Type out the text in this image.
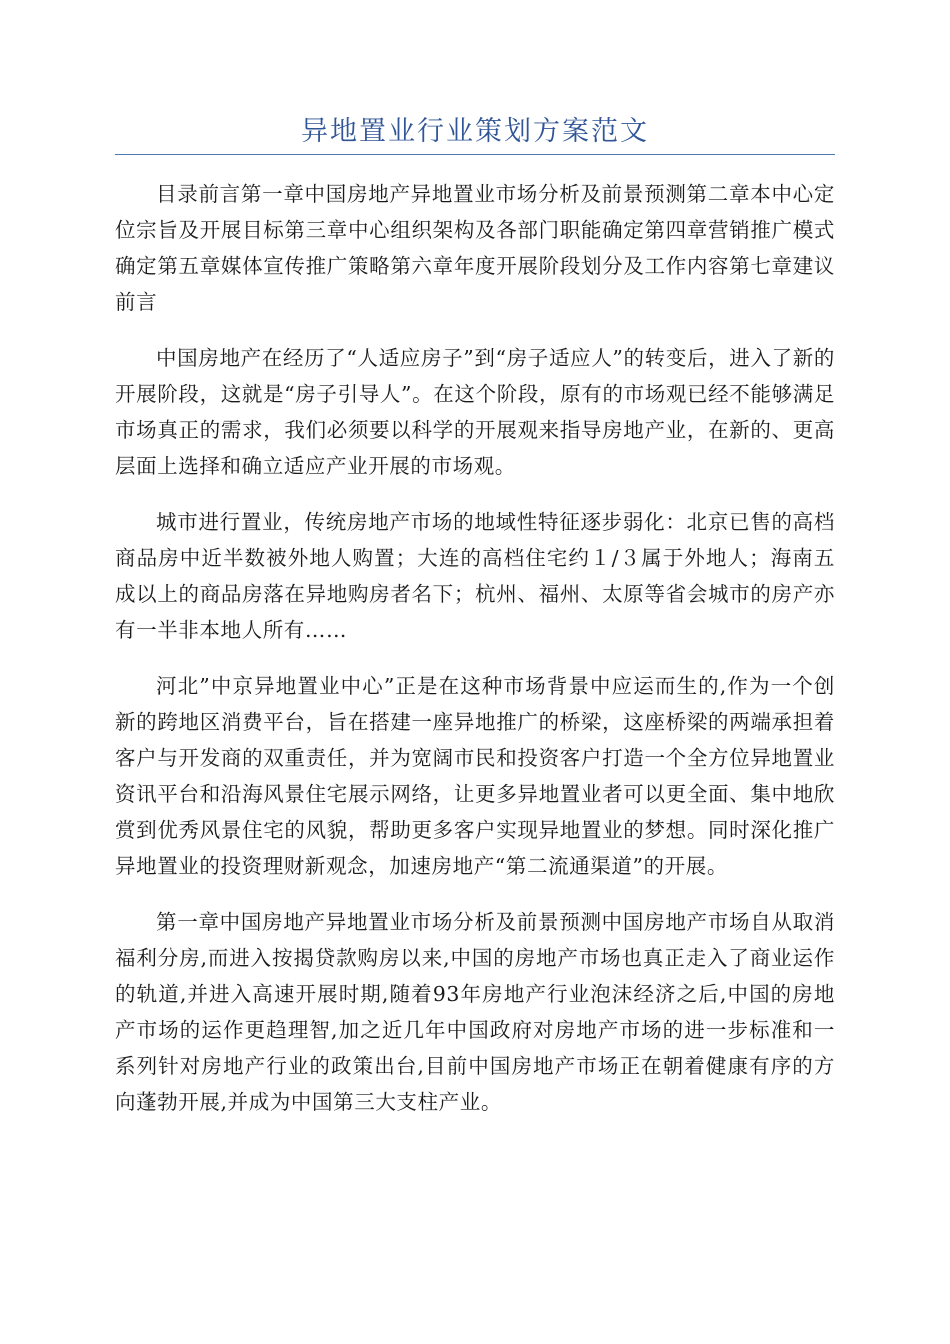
异地置业行业策划方案范文

目录前言第一章中国房地产异地置业市场分析及前景预测第二章本中心定位宗旨及开展目标第三章中心组织架构及各部门职能确定第四章营销推广模式确定第五章媒体宣传推广策略第六章年度开展阶段划分及工作内容第七章建议前言

中国房地产在经历了“人适应房子”到“房子适应人”的转变后，进入了新的开展阶段，这就是“房子引导人”。在这个阶段，原有的市场观已经不能够满足市场真正的需求，我们必须要以科学的开展观来指导房地产业，在新的、更高层面上选择和确立适应产业开展的市场观。

城市进行置业，传统房地产市场的地域性特征逐步弱化：北京已售的高档商品房中近半数被外地人购置；大连的高档住宅约１/３属于外地人；海南五成以上的商品房落在异地购房者名下；杭州、福州、太原等省会城市的房产亦有一半非本地人所有……

河北”中京异地置业中心”正是在这种市场背景中应运而生的,作为一个创新的跨地区消费平台，旨在搭建一座异地推广的桥梁，这座桥梁的两端承担着客户与开发商的双重责任，并为宽阔市民和投资客户打造一个全方位异地置业资讯平台和沿海风景住宅展示网络，让更多异地置业者可以更全面、集中地欣赏到优秀风景住宅的风貌，帮助更多客户实现异地置业的梦想。同时深化推广异地置业的投资理财新观念，加速房地产“第二流通渠道”的开展。

第一章中国房地产异地置业市场分析及前景预测中国房地产市场自从取消福利分房,而进入按揭贷款购房以来,中国的房地产市场也真正走入了商业运作的轨道,并进入高速开展时期,随着93年房地产行业泡沫经济之后,中国的房地产市场的运作更趋理智,加之近几年中国政府对房地产市场的进一步标准和一系列针对房地产行业的政策出台,目前中国房地产市场正在朝着健康有序的方向蓬勃开展,并成为中国第三大支柱产业。
